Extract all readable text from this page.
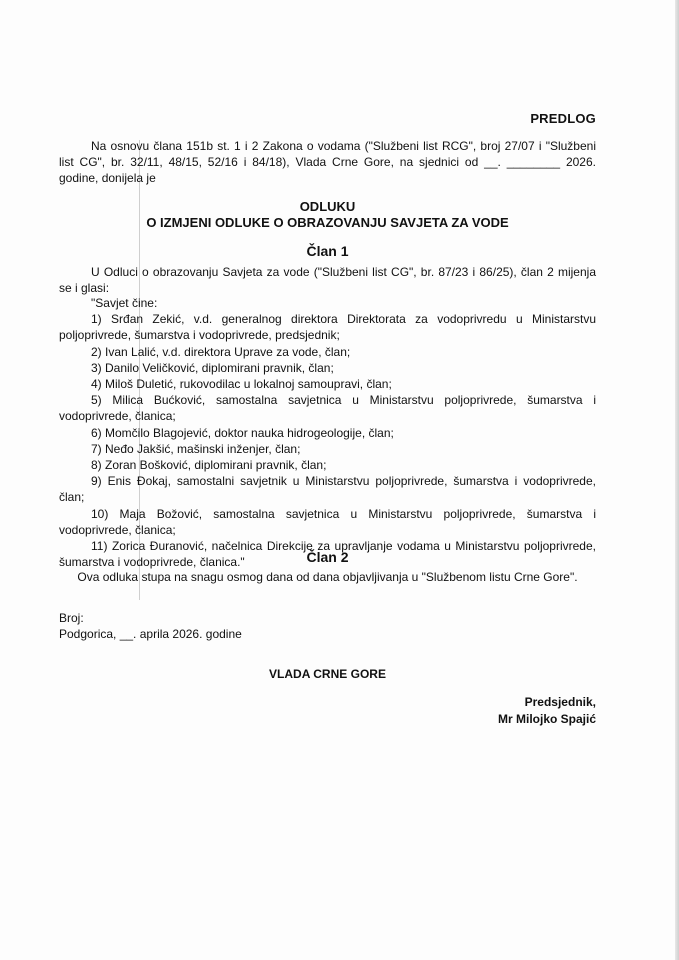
PREDLOG
Na osnovu člana 151b st. 1 i 2 Zakona o vodama ("Službeni list RCG", broj 27/07 i "Službeni list CG", br. 32/11, 48/15, 52/16 i 84/18), Vlada Crne Gore, na sjednici od __. ________ 2026. godine, donijela je
ODLUKU
O IZMJENI ODLUKE O OBRAZOVANJU SAVJETA ZA VODE
Član 1
U Odluci o obrazovanju Savjeta za vode ("Službeni list CG", br. 87/23 i 86/25), član 2 mijenja se i glasi:

"Savjet čine:

1) Srđan Zekić, v.d. generalnog direktora Direktorata za vodoprivredu u Ministarstvu poljoprivrede, šumarstva i vodoprivrede, predsjednik;

2) Ivan Lalić, v.d. direktora Uprave za vode, član;

3) Danilo Veličković, diplomirani pravnik, član;

4) Miloš Duletić, rukovodilac u lokalnoj samoupravi, član;

5) Milica Bućković, samostalna savjetnica u Ministarstvu poljoprivrede, šumarstva i vodoprivrede, članica;

6) Momčilo Blagojević, doktor nauka hidrogeologije, član;

7) Neđo Jakšić, mašinski inženjer, član;

8) Zoran Bošković, diplomirani pravnik, član;

9) Enis Đokaj, samostalni savjetnik u Ministarstvu poljoprivrede, šumarstva i vodoprivrede, član;

10) Maja Božović, samostalna savjetnica u Ministarstvu poljoprivrede, šumarstva i vodoprivrede, članica;

11) Zorica Đuranović, načelnica Direkcije za upravljanje vodama u Ministarstvu poljoprivrede, šumarstva i vodoprivrede, članica."	Član 2
Ova odluka stupa na snagu osmog dana od dana objavljivanja u "Službenom listu Crne Gore".
Broj:
Podgorica, __. aprila 2026. godine
VLADA CRNE GORE
Predsjednik,
Mr Milojko Spajić
